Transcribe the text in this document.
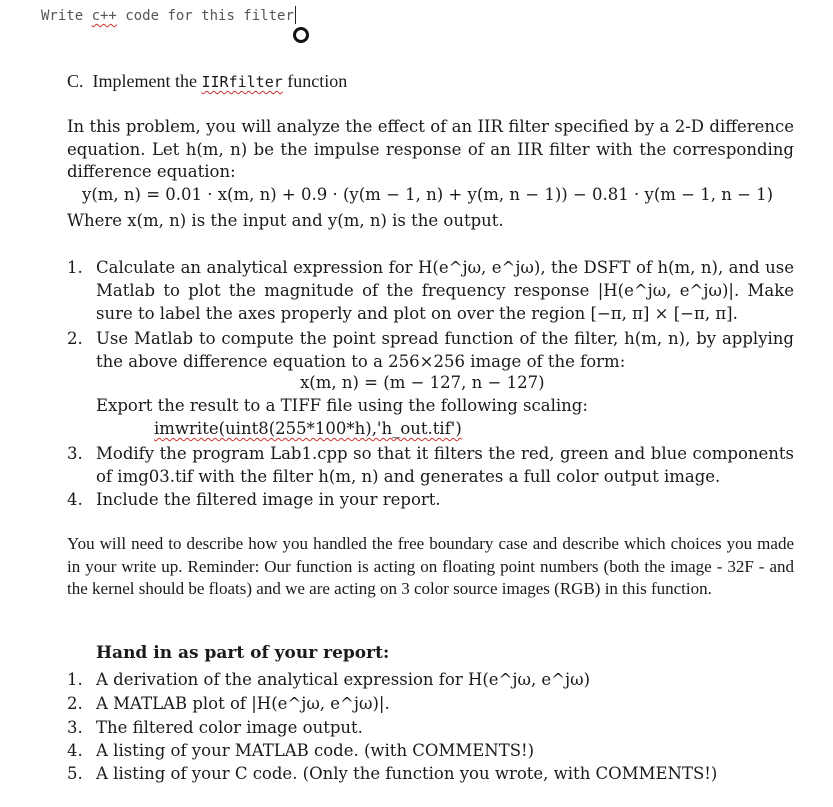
Write c++ code for this filter
C. Implement the IIRfilter function
In this problem, you will analyze the effect of an IIR filter specified by a 2-D difference equation. Let h(m, n) be the impulse response of an IIR filter with the corresponding difference equation:
y(m, n) = 0.01 · x(m, n) + 0.9 · (y(m − 1, n) + y(m, n − 1)) − 0.81 · y(m − 1, n − 1)
Where x(m, n) is the input and y(m, n) is the output.
1. Calculate an analytical expression for H(e^jω, e^jω), the DSFT of h(m, n), and use Matlab to plot the magnitude of the frequency response |H(e^jω, e^jω)|. Make sure to label the axes properly and plot on over the region [−π, π] × [−π, π].
2. Use Matlab to compute the point spread function of the filter, h(m, n), by applying the above difference equation to a 256×256 image of the form:
x(m, n) = (m − 127, n − 127)
Export the result to a TIFF file using the following scaling:
imwrite(uint8(255*100*h),'h_out.tif')
3. Modify the program Lab1.cpp so that it filters the red, green and blue components of img03.tif with the filter h(m, n) and generates a full color output image.
4. Include the filtered image in your report.
You will need to describe how you handled the free boundary case and describe which choices you made in your write up. Reminder: Our function is acting on floating point numbers (both the image - 32F - and the kernel should be floats) and we are acting on 3 color source images (RGB) in this function.
Hand in as part of your report:
1. A derivation of the analytical expression for H(e^jω, e^jω)
2. A MATLAB plot of |H(e^jω, e^jω)|.
3. The filtered color image output.
4. A listing of your MATLAB code. (with COMMENTS!)
5. A listing of your C code. (Only the function you wrote, with COMMENTS!)
